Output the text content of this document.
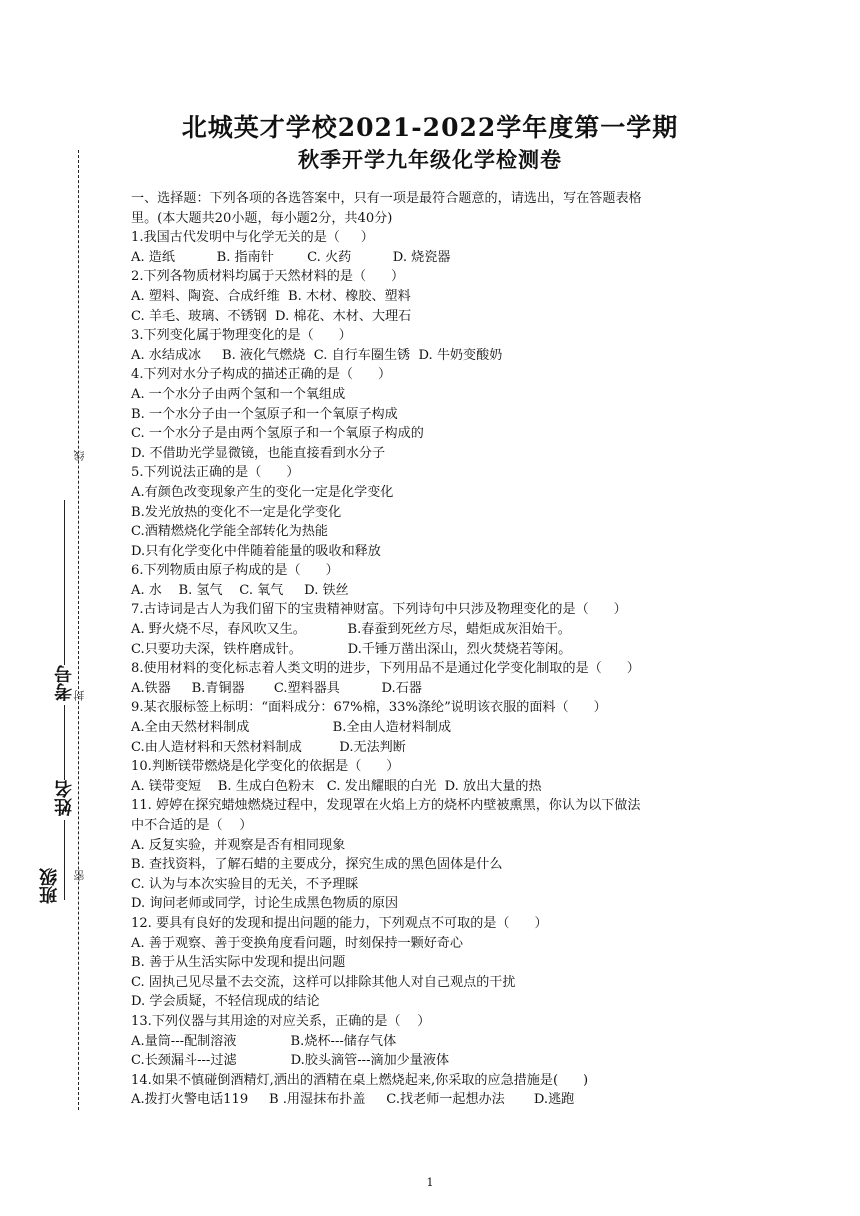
线
封
密
考号
姓名
班级
北城英才学校2021-2022学年度第一学期
秋季开学九年级化学检测卷
一、选择题：下列各项的各选答案中，只有一项是最符合题意的，请选出，写在答题表格
里。(本大题共20小题，每小题2分，共40分)
1.我国古代发明中与化学无关的是（     ）
A. 造纸          B. 指南针        C. 火药          D. 烧瓷器
2.下列各物质材料均属于天然材料的是（      ）
A. 塑料、陶瓷、合成纤维  B. 木材、橡胶、塑料
C. 羊毛、玻璃、不锈钢  D. 棉花、木材、大理石
3.下列变化属于物理变化的是（      ）
A. 水结成冰     B. 液化气燃烧  C. 自行车圈生锈  D. 牛奶变酸奶
4.下列对水分子构成的描述正确的是（      ）
A. 一个水分子由两个氢和一个氧组成
B. 一个水分子由一个氢原子和一个氧原子构成
C. 一个水分子是由两个氢原子和一个氧原子构成的
D. 不借助光学显微镜，也能直接看到水分子
5.下列说法正确的是（      ）
A.有颜色改变现象产生的变化一定是化学变化
B.发光放热的变化不一定是化学变化
C.酒精燃烧化学能全部转化为热能
D.只有化学变化中伴随着能量的吸收和释放
6.下列物质由原子构成的是（      ）
A. 水    B. 氢气    C. 氧气     D. 铁丝
7.古诗词是古人为我们留下的宝贵精神财富。下列诗句中只涉及物理变化的是（      ）
A. 野火烧不尽，春风吹又生。          B.春蚕到死丝方尽，蜡炬成灰泪始干。
C.只要功夫深，铁杵磨成针。           D.千锤万凿出深山，烈火焚烧若等闲。
8.使用材料的变化标志着人类文明的进步，下列用品不是通过化学变化制取的是（      ）
A.铁器     B.青铜器       C.塑料器具          D.石器
9.某衣服标签上标明：“面料成分：67%棉，33%涤纶”说明该衣服的面料（      ）
A.全由天然材料制成                    B.全由人造材料制成
C.由人造材料和天然材料制成         D.无法判断
10.判断镁带燃烧是化学变化的依据是（      ）
A. 镁带变短    B. 生成白色粉末   C. 发出耀眼的白光  D. 放出大量的热
11. 婷婷在探究蜡烛燃烧过程中，发现罩在火焰上方的烧杯内壁被熏黑，你认为以下做法
中不合适的是（    ）
A. 反复实验，并观察是否有相同现象
B. 查找资料，了解石蜡的主要成分，探究生成的黑色固体是什么
C. 认为与本次实验目的无关，不予理睬
D. 询问老师或同学，讨论生成黑色物质的原因
12. 要具有良好的发现和提出问题的能力，下列观点不可取的是（      ）
A. 善于观察、善于变换角度看问题，时刻保持一颗好奇心
B. 善于从生活实际中发现和提出问题
C. 固执己见尽量不去交流，这样可以排除其他人对自己观点的干扰
D. 学会质疑，不轻信现成的结论
13.下列仪器与其用途的对应关系，正确的是（    ）
A.量筒---配制溶液             B.烧杯---储存气体
C.长颈漏斗---过滤             D.胶头滴管---滴加少量液体
14.如果不慎碰倒酒精灯,洒出的酒精在桌上燃烧起来,你采取的应急措施是(      )
A.拨打火警电话119     B .用湿抹布扑盖     C.找老师一起想办法       D.逃跑
1
